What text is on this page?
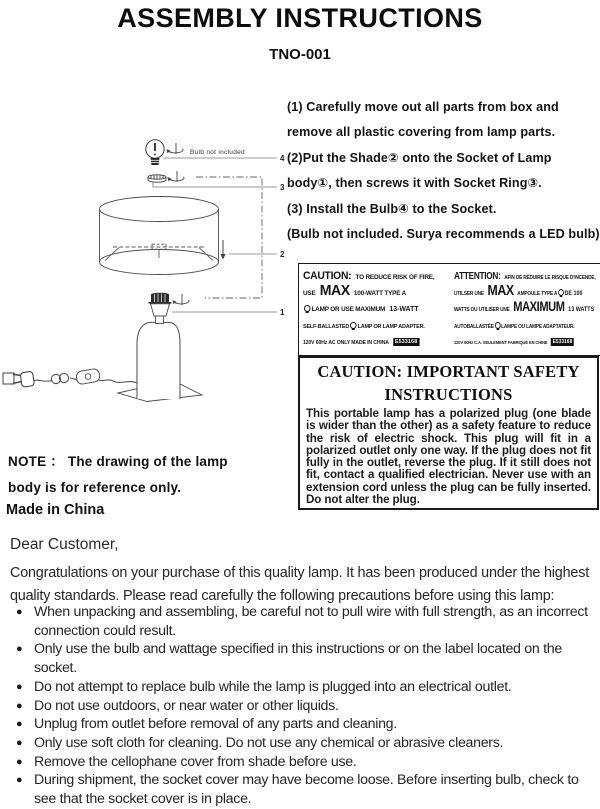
ASSEMBLY INSTRUCTIONS
TNO-001
Bulb not included
4
3
2
1
(1) Carefully move out all parts from box and
remove all plastic covering from lamp parts.
(2)Put the Shade② onto the Socket of Lamp
body①, then screws it with Socket Ring③.
(3) Install the Bulb④ to the Socket.
(Bulb not included. Surya recommends a LED bulb)
CAUTION: TO REDUCE RISK OF FIRE,
USE MAX 100-WATT TYPE A
LAMP OR USE MAXIMUM 13-WATT
SELF-BALLASTED LAMP OR LAMP ADAPTER.
120V 60Hz AC ONLY MADE IN CHINA E533168
ATTENTION: AFIN DE RÉDUIRE LE RISQUE D'INCENDE,
UTILSER UNE MAX AMPOULE TYPE A DE 100
WATTS OU UTILISER UNE MAXIMUM 13 WATTS
AUTOBALLASTÉE LAMPE OU LAMPE ADAPTATEUR.
120V 60Hz C.A. SEULEMENT FABRIQUÉ EN CHINE E533168
CAUTION: IMPORTANT SAFETY
INSTRUCTIONS
This portable lamp has a polarized plug (one blade is wider than the other) as a safety feature to reduce the risk of electric shock. This plug will fit in a polarized outlet only one way. If the plug does not fit fully in the outlet, reverse the plug. If it still does not fit, contact a qualified electrician. Never use with an extension cord unless the plug can be fully inserted. Do not alter the plug.
NOTE ： The drawing of the lamp
body is for reference only.
Made in China
Dear Customer,
Congratulations on your purchase of this quality lamp. It has been produced under the highest quality standards. Please read carefully the following precautions before using this lamp:
● When unpacking and assembling, be careful not to pull wire with full strength, as an incorrect connection could result.
● Only use the bulb and wattage specified in this instructions or on the label located on the socket.
● Do not attempt to replace bulb while the lamp is plugged into an electrical outlet.
● Do not use outdoors, or near water or other liquids.
● Unplug from outlet before removal of any parts and cleaning.
● Only use soft cloth for cleaning. Do not use any chemical or abrasive cleaners.
● Remove the cellophane cover from shade before use.
● During shipment, the socket cover may have become loose. Before inserting bulb, check to see that the socket cover is in place.
